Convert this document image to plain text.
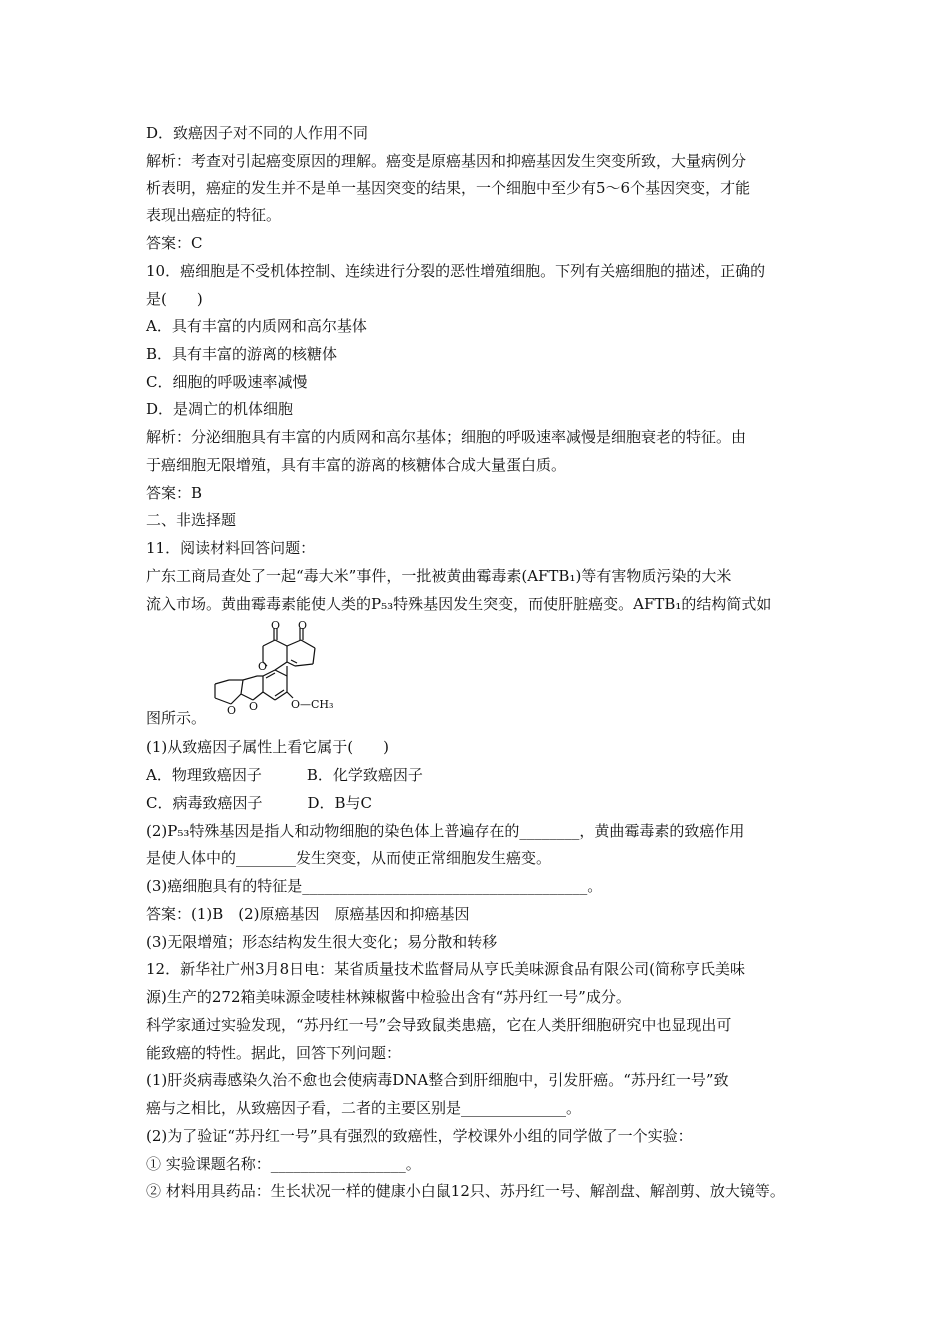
D．致癌因子对不同的人作用不同
解析：考查对引起癌变原因的理解。癌变是原癌基因和抑癌基因发生突变所致，大量病例分
析表明，癌症的发生并不是单一基因突变的结果，一个细胞中至少有5～6个基因突变，才能
表现出癌症的特征。
答案：C
10．癌细胞是不受机体控制、连续进行分裂的恶性增殖细胞。下列有关癌细胞的描述，正确的
是(　　)
A．具有丰富的内质网和高尔基体
B．具有丰富的游离的核糖体
C．细胞的呼吸速率减慢
D．是凋亡的机体细胞
解析：分泌细胞具有丰富的内质网和高尔基体；细胞的呼吸速率减慢是细胞衰老的特征。由
于癌细胞无限增殖，具有丰富的游离的核糖体合成大量蛋白质。
答案：B
二、非选择题
11．阅读材料回答问题：
广东工商局查处了一起“毒大米”事件，一批被黄曲霉毒素(AFTB₁)等有害物质污染的大米
流入市场。黄曲霉毒素能使人类的P₅₃特殊基因发生突变，而使肝脏癌变。AFTB₁的结构简式如
O O
O
O
O	O—CH₃
图所示。
(1)从致癌因子属性上看它属于(　　)
A．物理致癌因子　　　B．化学致癌因子
C．病毒致癌因子　　　D．B与C
(2)P₅₃特殊基因是指人和动物细胞的染色体上普遍存在的________，黄曲霉毒素的致癌作用
是使人体中的________发生突变，从而使正常细胞发生癌变。
(3)癌细胞具有的特征是______________________________________。
答案：(1)B　(2)原癌基因　原癌基因和抑癌基因
(3)无限增殖；形态结构发生很大变化；易分散和转移
12．新华社广州3月8日电：某省质量技术监督局从亨氏美味源食品有限公司(简称亨氏美味
源)生产的272箱美味源金唛桂林辣椒酱中检验出含有“苏丹红一号”成分。
科学家通过实验发现，“苏丹红一号”会导致鼠类患癌，它在人类肝细胞研究中也显现出可
能致癌的特性。据此，回答下列问题：
(1)肝炎病毒感染久治不愈也会使病毒DNA整合到肝细胞中，引发肝癌。“苏丹红一号”致
癌与之相比，从致癌因子看，二者的主要区别是______________。
(2)为了验证“苏丹红一号”具有强烈的致癌性，学校课外小组的同学做了一个实验：
① 实验课题名称：__________________。
② 材料用具药品：生长状况一样的健康小白鼠12只、苏丹红一号、解剖盘、解剖剪、放大镜等。
